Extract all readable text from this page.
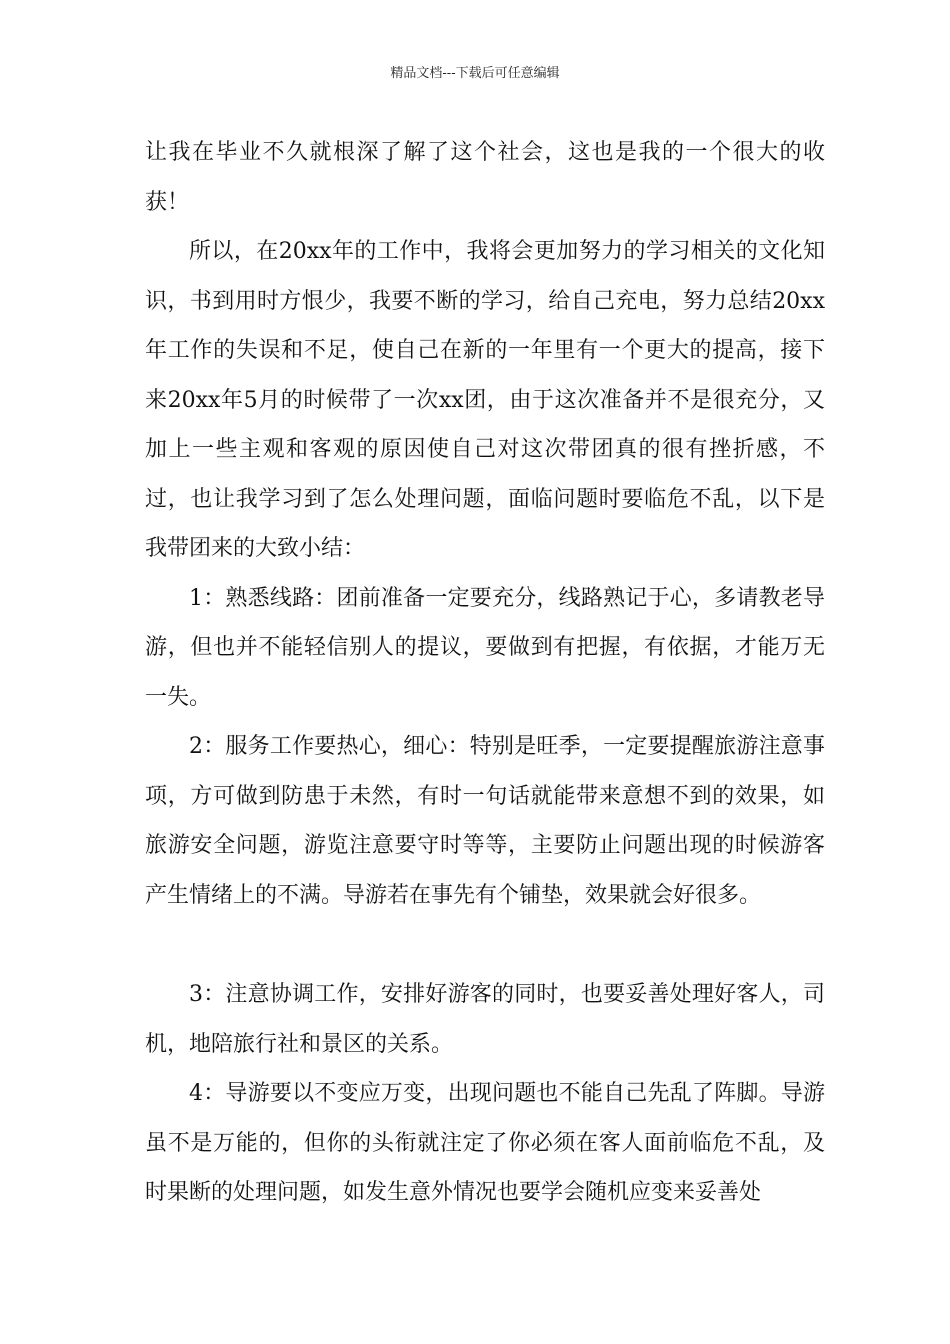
精品文档---下载后可任意编辑

让我在毕业不久就根深了解了这个社会，这也是我的一个很大的收获！

所以，在20xx年的工作中，我将会更加努力的学习相关的文化知识，书到用时方恨少，我要不断的学习，给自己充电，努力总结20xx年工作的失误和不足，使自己在新的一年里有一个更大的提高，接下来20xx年5月的时候带了一次xx团，由于这次准备并不是很充分，又加上一些主观和客观的原因使自己对这次带团真的很有挫折感，不过，也让我学习到了怎么处理问题，面临问题时要临危不乱，以下是我带团来的大致小结：

1：熟悉线路：团前准备一定要充分，线路熟记于心，多请教老导游，但也并不能轻信别人的提议，要做到有把握，有依据，才能万无一失。

2：服务工作要热心，细心：特别是旺季，一定要提醒旅游注意事项，方可做到防患于未然，有时一句话就能带来意想不到的效果，如旅游安全问题，游览注意要守时等等，主要防止问题出现的时候游客产生情绪上的不满。导游若在事先有个铺垫，效果就会好很多。

3：注意协调工作，安排好游客的同时，也要妥善处理好客人，司机，地陪旅行社和景区的关系。

4：导游要以不变应万变，出现问题也不能自己先乱了阵脚。导游虽不是万能的，但你的头衔就注定了你必须在客人面前临危不乱，及时果断的处理问题，如发生意外情况也要学会随机应变来妥善处
